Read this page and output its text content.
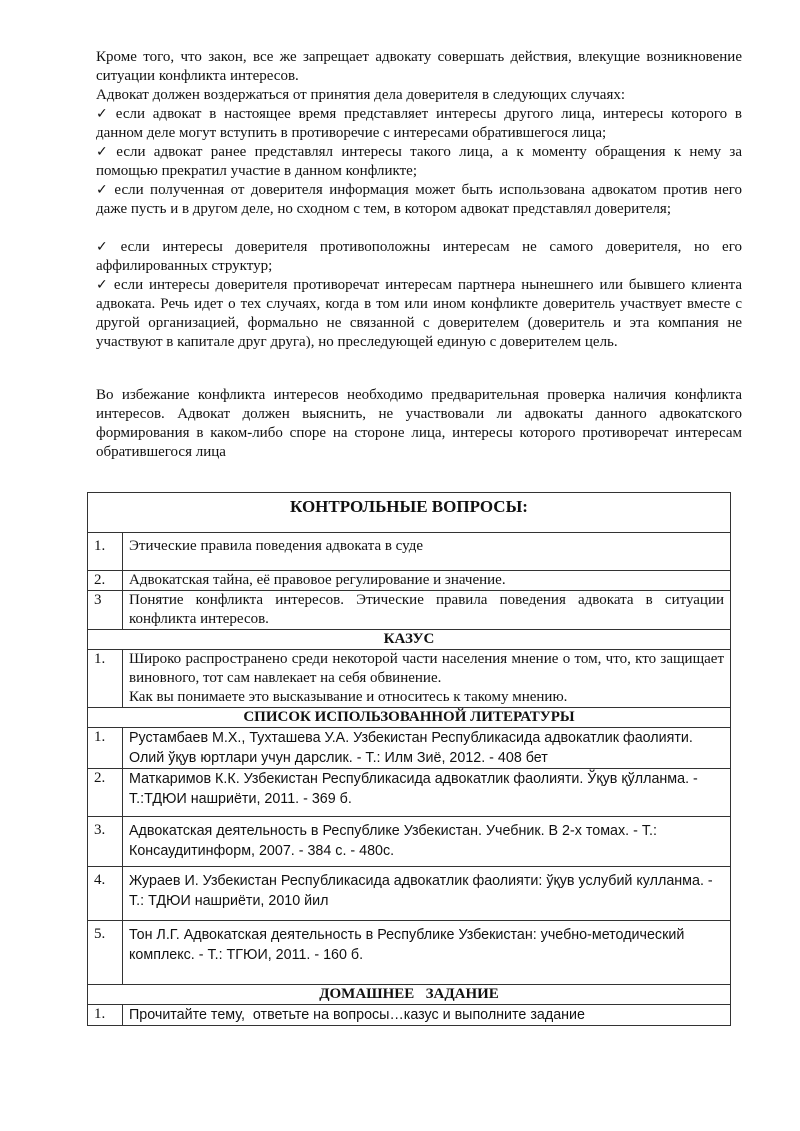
Кроме того, что закон, все же запрещает адвокату совершать действия, влекущие возникновение ситуации конфликта интересов.
Адвокат должен воздержаться от принятия дела доверителя в следующих случаях:
✓ если адвокат в настоящее время представляет интересы другого лица, интересы которого в данном деле могут вступить в противоречие с интересами обратившегося лица;
✓ если адвокат ранее представлял интересы такого лица, а к моменту обращения к нему за помощью прекратил участие в данном конфликте;
✓ если полученная от доверителя информация может быть использована адвокатом против него даже пусть и в другом деле, но сходном с тем, в котором адвокат представлял доверителя;
✓ если интересы доверителя противоположны интересам не самого доверителя, но его аффилированных структур;
✓ если интересы доверителя противоречат интересам партнера нынешнего или бывшего клиента адвоката. Речь идет о тех случаях, когда в том или ином конфликте доверитель участвует вместе с другой организацией, формально не связанной с доверителем (доверитель и эта компания не участвуют в капитале друг друга), но преследующей единую с доверителем цель.
Во избежание конфликта интересов необходимо предварительная проверка наличия конфликта интересов. Адвокат должен выяснить, не участвовали ли адвокаты данного адвокатского формирования в каком-либо споре на стороне лица, интересы которого противоречат интересам обратившегося лица
КОНТРОЛЬНЫЕ ВОПРОСЫ:	
1.	Этические правила поведения адвоката в суде
2.	Адвокатская тайна, её правовое регулирование и значение.
3	Понятие конфликта интересов. Этические правила поведения адвоката в ситуации конфликта интересов.
КАЗУС	
1.	Широко распространено среди некоторой части населения мнение о том, что, кто защищает виновного, тот сам навлекает на себя обвинение.
Как вы понимаете это высказывание и относитесь к такому мнению.

СПИСОК ИСПОЛЬЗОВАННОЙ ЛИТЕРАТУРЫ	
1.	Рустамбаев М.Х., Тухташева У.А. Узбекистан Республикасида адвокатлик фаолияти. Олий ўқув юртлари учун дарслик. - Т.: Илм Зиё, 2012. - 408 бет
2.	Маткаримов К.К. Узбекистан Республикасида адвокатлик фаолияти. Ўқув қўлланма. - Т.:ТДЮИ нашриёти, 2011. - 369 б.
3.	Адвокатская деятельность в Республике Узбекистан. Учебник. В 2-х томах. - Т.: Консаудитинформ, 2007. - 384 с. - 480с.
4.	Жураев И. Узбекистан Республикасида адвокатлик фаолияти: ўқув услубий кулланма. - Т.: ТДЮИ нашриёти, 2010 йил
5.	Тон Л.Г. Адвокатская деятельность в Республике Узбекистан: учебно-методический комплекс. - Т.: ТГЮИ, 2011. - 160 б.
ДОМАШНЕЕ   ЗАДАНИЕ	
1.	Прочитайте тему,  ответьте на вопросы…казус и выполните задание
